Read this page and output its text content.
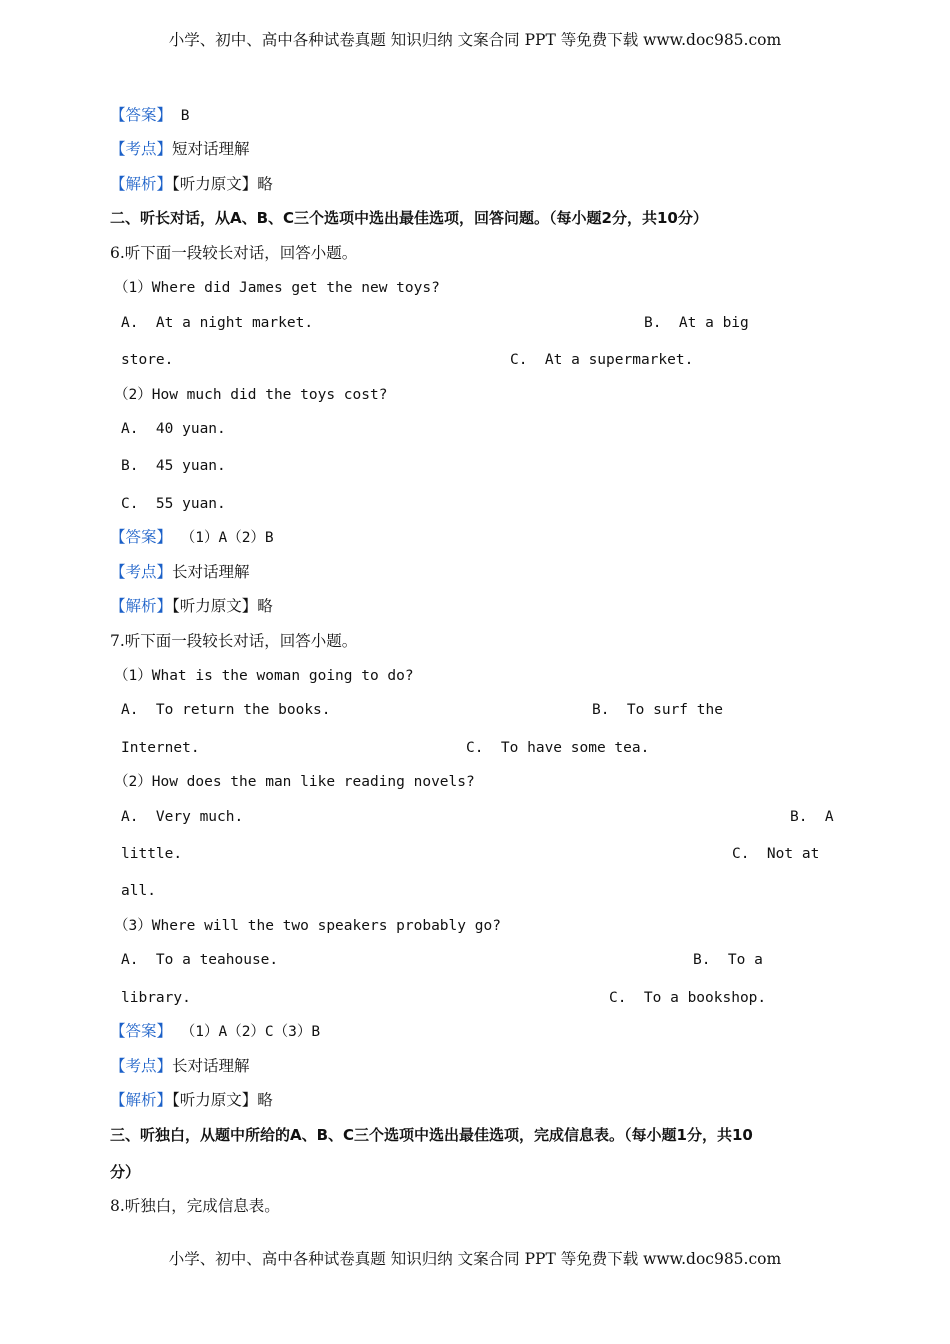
小学、初中、高中各种试卷真题 知识归纳 文案合同 PPT 等免费下载 www.doc985.com
【答案】 B
【考点】短对话理解
【解析】【听力原文】略
二、听长对话，从A、B、C三个选项中选出最佳选项，回答问题。（每小题2分，共10分）
6.听下面一段较长对话，回答小题。
（1）Where did James get the new toys?
A.  At a night market.	B.  At a big
store.	C.  At a supermarket.
（2）How much did the toys cost?
A.  40 yuan.
B.  45 yuan.
C.  55 yuan.
【答案】 （1）A（2）B
【考点】长对话理解
【解析】【听力原文】略
7.听下面一段较长对话，回答小题。
（1）What is the woman going to do?
A.  To return the books.	B.  To surf the
Internet.	C.  To have some tea.
（2）How does the man like reading novels?
A.  Very much.	B.  A
little.	C.  Not at
all.
（3）Where will the two speakers probably go?
A.  To a teahouse.	B.  To a
library.	C.  To a bookshop.
【答案】 （1）A（2）C（3）B
【考点】长对话理解
【解析】【听力原文】略
三、听独白，从题中所给的A、B、C三个选项中选出最佳选项，完成信息表。（每小题1分，共10
分）
8.听独白，完成信息表。
小学、初中、高中各种试卷真题 知识归纳 文案合同 PPT 等免费下载 www.doc985.com
